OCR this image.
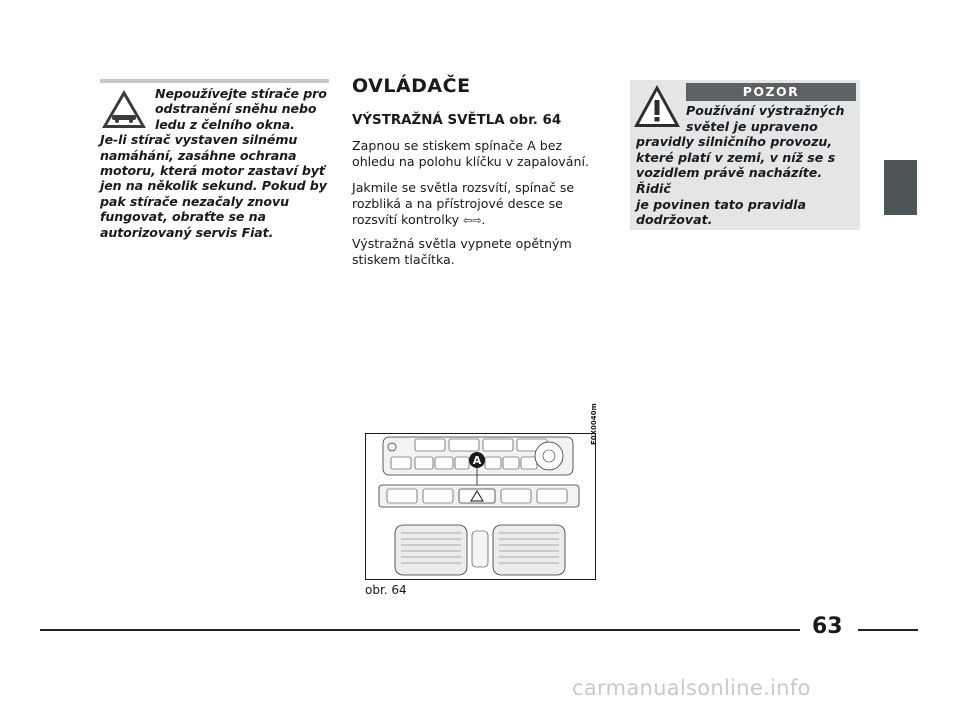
Nepoužívejte stírače pro
odstranění sněhu nebo
ledu z čelního okna.
Je-li stírač vystaven silnému
namáhání, zasáhne ochrana
motoru, která motor zastaví byť
jen na několik sekund. Pokud by
pak stírače nezačaly znovu
fungovat, obraťte se na
autorizovaný servis Fiat.
OVLÁDAČE
VÝSTRAŽNÁ SVĚTLA obr. 64
Zapnou se stiskem spínače A bez ohledu na polohu klíčku v zapalování.
Jakmile se světla rozsvítí, spínač se
rozbliká a na přístrojové desce se
rozsvítí kontrolky ⇦⇨.
Výstražná světla vypnete opětným stiskem tlačítka.
POZOR
Používání výstražných
světel je upraveno
pravidly silničního provozu,
které platí v zemi, v níž se s
vozidlem právě nacházíte. Řidič
je povinen tato pravidla
dodržovat.
A
F0X0040m
obr. 64
63
carmanualsonline.info
